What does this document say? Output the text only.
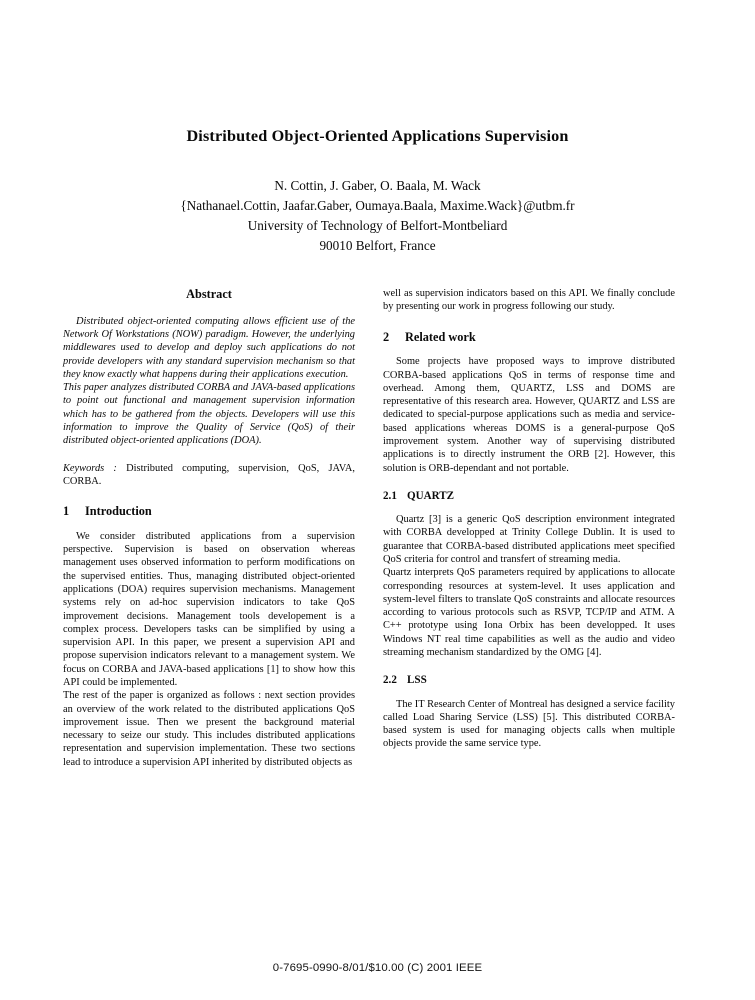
Distributed Object-Oriented Applications Supervision
N. Cottin, J. Gaber, O. Baala, M. Wack
{Nathanael.Cottin, Jaafar.Gaber, Oumaya.Baala, Maxime.Wack}@utbm.fr
University of Technology of Belfort-Montbeliard
90010 Belfort, France
Abstract

Distributed object-oriented computing allows efficient use of the Network Of Workstations (NOW) paradigm. However, the underlying middlewares used to develop and deploy such applications do not provide developers with any standard supervision mechanism so that they know exactly what happens during their applications execution.

This paper analyzes distributed CORBA and JAVA-based applications to point out functional and management supervision information which has to be gathered from the objects. Developers will use this information to improve the Quality of Service (QoS) of their distributed object-oriented applications (DOA).

Keywords : Distributed computing, supervision, QoS, JAVA, CORBA.

1 Introduction

We consider distributed applications from a supervision perspective. Supervision is based on observation whereas management uses observed information to perform modifications on the supervised entities. Thus, managing distributed object-oriented applications (DOA) requires supervision mechanisms. Management systems rely on ad-hoc supervision indicators to take QoS improvement decisions. Management tools developement is a complex process. Developers tasks can be simplified by using a supervision API. In this paper, we present a supervision API and propose supervision indicators relevant to a management system. We focus on CORBA and JAVA-based applications [1] to show how this API could be implemented.

The rest of the paper is organized as follows : next section provides an overview of the work related to the distributed applications QoS improvement issue. Then we present the background material necessary to seize our study. This includes distributed applications representation and supervision implementation. These two sections lead to introduce a supervision API inherited by distributed objects as

well as supervision indicators based on this API. We finally conclude by presenting our work in progress following our study.

2 Related work

Some projects have proposed ways to improve distributed CORBA-based applications QoS in terms of response time and overhead. Among them, QUARTZ, LSS and DOMS are representative of this research area. However, QUARTZ and LSS are dedicated to special-purpose applications such as media and service-based applications whereas DOMS is a general-purpose QoS improvement system. Another way of supervising distributed applications is to directly instrument the ORB [2]. However, this solution is ORB-dependant and not portable.

2.1 QUARTZ

Quartz [3] is a generic QoS description environment integrated with CORBA developped at Trinity College Dublin. It is used to guarantee that CORBA-based distributed applications meet specified QoS criteria for control and transfert of streaming media.

Quartz interprets QoS parameters required by applications to allocate corresponding resources at system-level. It uses application and system-level filters to translate QoS constraints and allocate resources according to various protocols such as RSVP, TCP/IP and ATM. A C++ prototype using Iona Orbix has been developped. It uses Windows NT real time capabilities as well as the audio and video streaming mechanism standardized by the OMG [4].

2.2 LSS

The IT Research Center of Montreal has designed a service facility called Load Sharing Service (LSS) [5]. This distributed CORBA-based system is used for managing objects calls when multiple objects provide the same service type.

0-7695-0990-8/01/$10.00 (C) 2001 IEEE
